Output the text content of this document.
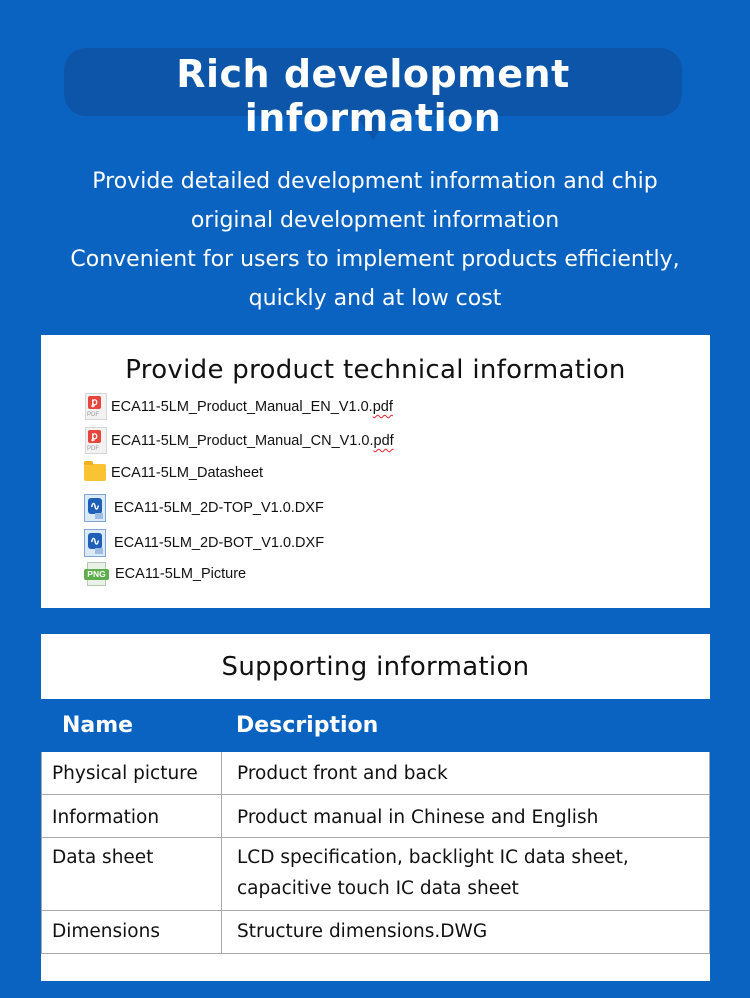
Rich development information
Provide detailed development information and chip
original development information
Convenient for users to implement products efficiently,
quickly and at low cost
Provide product technical information
ꝑ
PDF ECA11-5LM_Product_Manual_EN_V1.0.pdf
ꝑ
PDF ECA11-5LM_Product_Manual_CN_V1.0.pdf
ECA11-5LM_Datasheet
∿ ECA11-5LM_2D-TOP_V1.0.DXF
∿ ECA11-5LM_2D-BOT_V1.0.DXF
PNG ECA11-5LM_Picture
Supporting information
Name	Description
Physical picture	Product front and back

Information	Product manual in Chinese and English

Data sheet	LCD specification, backlight IC data sheet,
capacitive touch IC data sheet

Dimensions	Structure dimensions.DWG
